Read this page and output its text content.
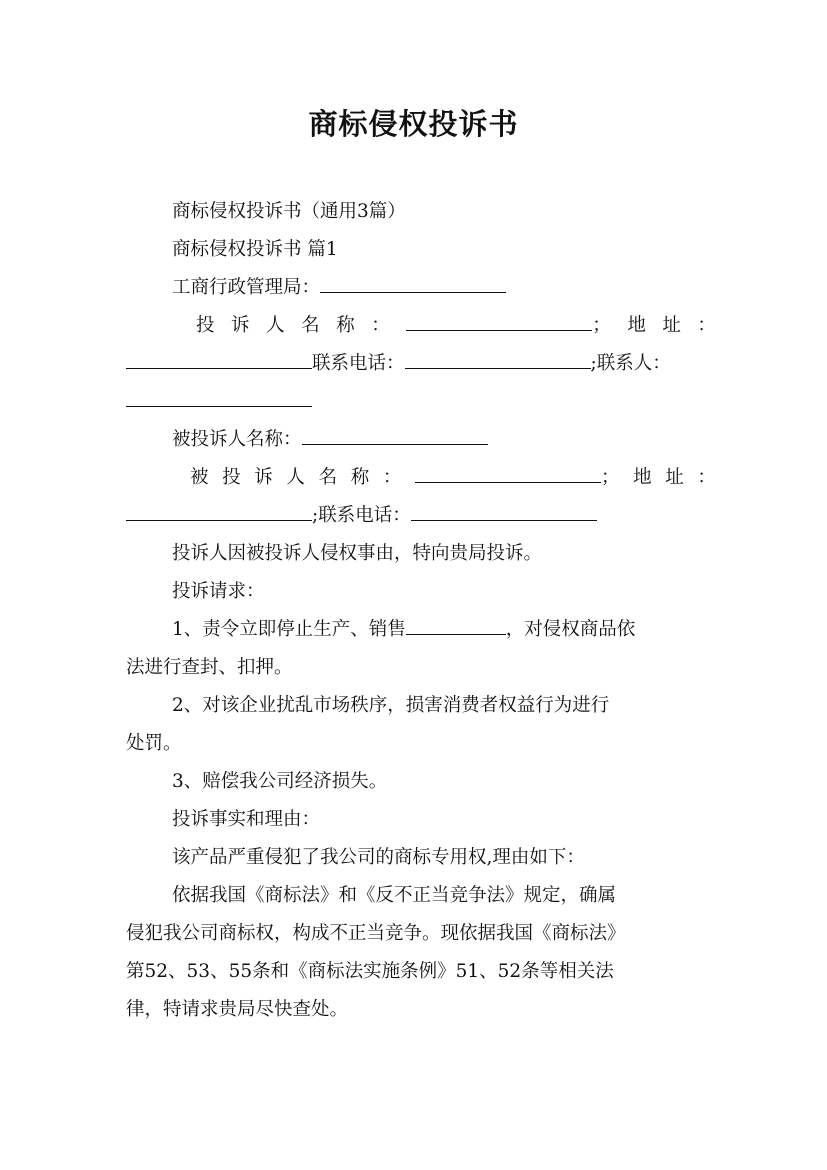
商标侵权投诉书
商标侵权投诉书（通用3篇）
商标侵权投诉书 篇1
工商行政管理局：
投 诉 人 名 称 ：	； 地 址 ：
联系电话：	;联系人：
被投诉人名称：
被 投 诉 人 名 称 ：	； 地 址 ：
;联系电话：
投诉人因被投诉人侵权事由，特向贵局投诉。
投诉请求：
1、责令立即停止生产、销售	，对侵权商品依
法进行查封、扣押。
2、对该企业扰乱市场秩序，损害消费者权益行为进行
处罚。
3、赔偿我公司经济损失。
投诉事实和理由：
该产品严重侵犯了我公司的商标专用权,理由如下：
依据我国《商标法》和《反不正当竞争法》规定，确属
侵犯我公司商标权，构成不正当竞争。现依据我国《商标法》
第52、53、55条和《商标法实施条例》51、52条等相关法
律，特请求贵局尽快查处。
